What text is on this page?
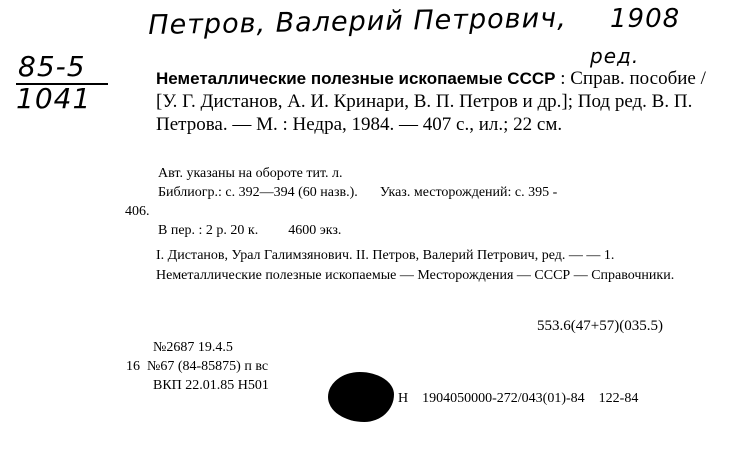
Петров, Валерий Петрович, 1908
ред.
85-5
1041
Неметаллические полезные ископаемые СССР : Справ. пособие / [У. Г. Дистанов, А. И. Кринари, В. П. Петров и др.]; Под ред. В. П. Петрова. — М. : Недра, 1984. — 407 с., ил.; 22 см.
Авт. указаны на обороте тит. л.
Библиогр.: с. 392—394 (60 назв.). Указ. месторождений: с. 395 -
406.
В пер. : 2 р. 20 к. 4600 экз.
I. Дистанов, Урал Галимзянович. II. Петров, Валерий Петрович, ред. — — 1. Неметаллические полезные ископаемые — Месторождения — СССР — Справочники.
553.6(47+57)(035.5)
№2687 19.4.5
16 №67 (84-85875) п вс
ВКП 22.01.85 Н501
Н 1904050000-272/043(01)-84 122-84
